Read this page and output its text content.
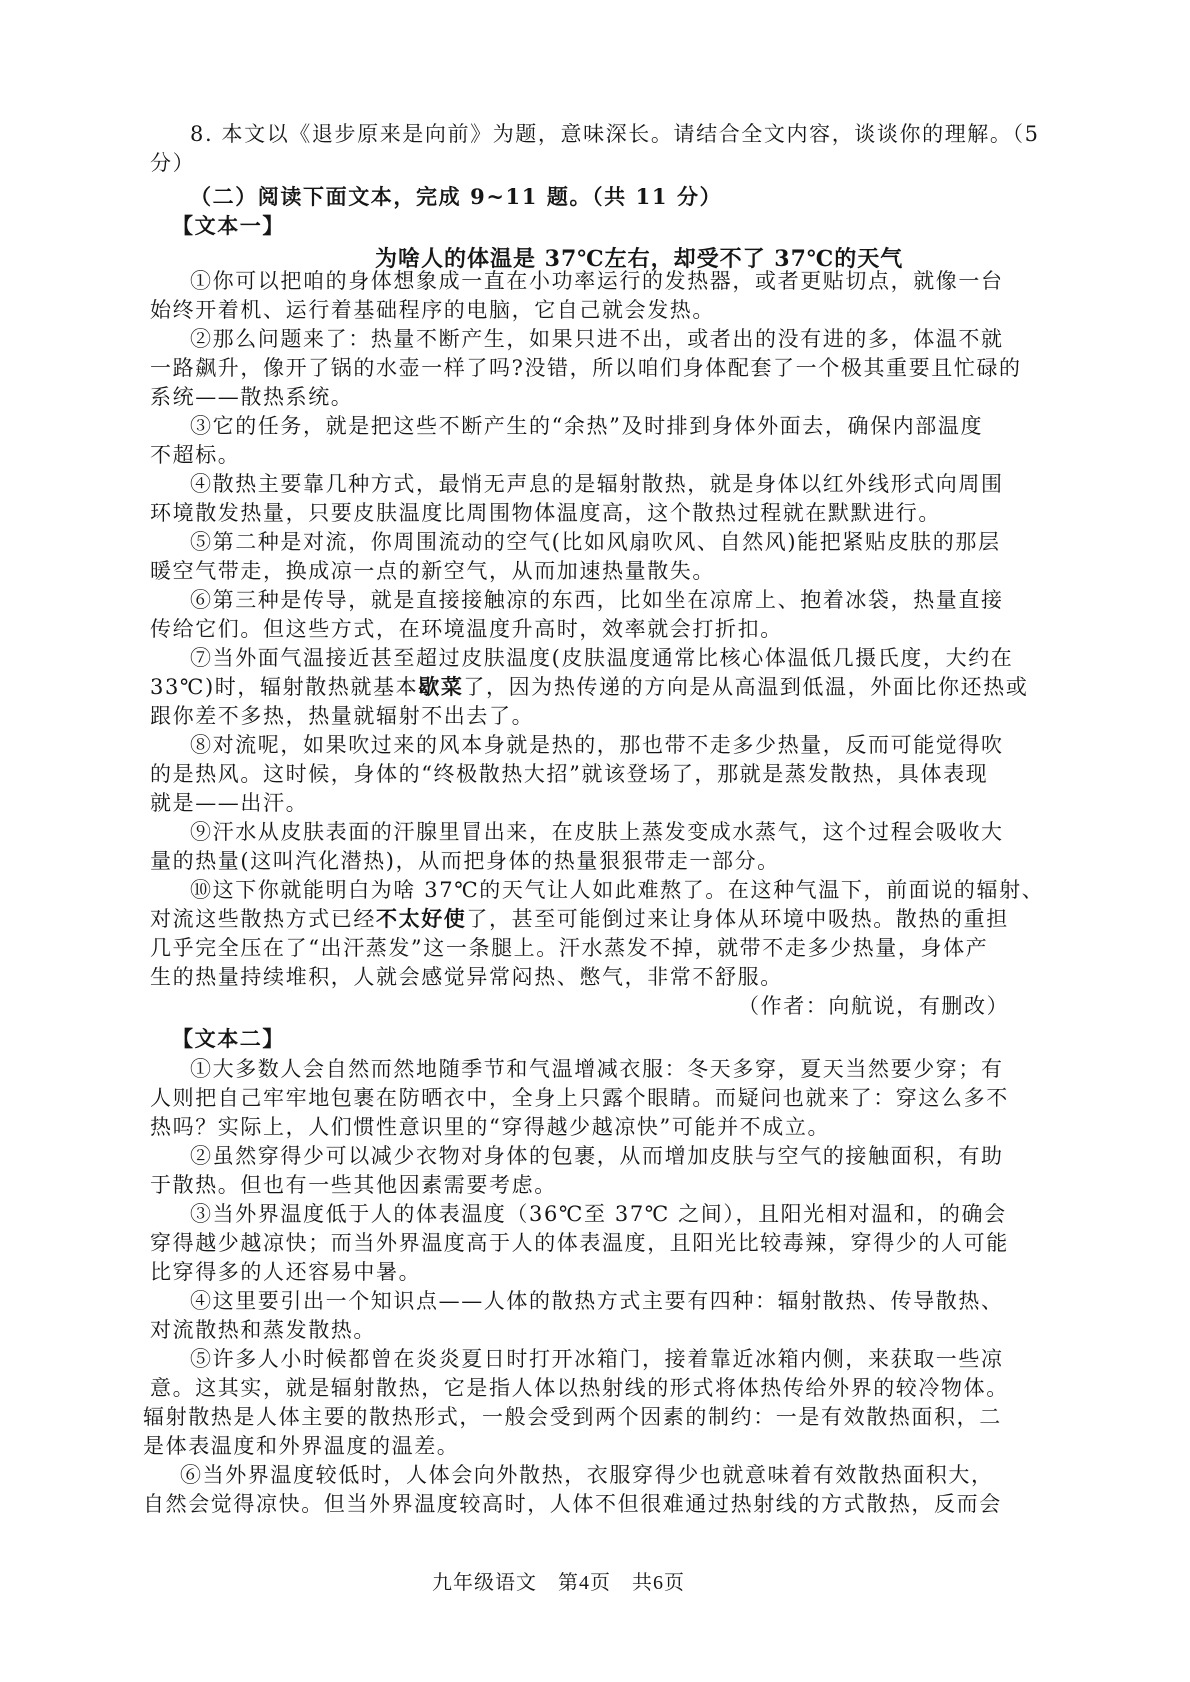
8. 本文以《退步原来是向前》为题，意味深长。请结合全文内容，谈谈你的理解。（5
分）
（二）阅读下面文本，完成 9~11 题。（共 11 分）
【文本一】
为啥人的体温是 37℃左右，却受不了 37℃的天气
①你可以把咱的身体想象成一直在小功率运行的发热器，或者更贴切点，就像一台
始终开着机、运行着基础程序的电脑，它自己就会发热。
②那么问题来了：热量不断产生，如果只进不出，或者出的没有进的多，体温不就
一路飙升，像开了锅的水壶一样了吗?没错，所以咱们身体配套了一个极其重要且忙碌的
系统——散热系统。
③它的任务，就是把这些不断产生的“余热”及时排到身体外面去，确保内部温度
不超标。
④散热主要靠几种方式，最悄无声息的是辐射散热，就是身体以红外线形式向周围
环境散发热量，只要皮肤温度比周围物体温度高，这个散热过程就在默默进行。
⑤第二种是对流，你周围流动的空气(比如风扇吹风、自然风)能把紧贴皮肤的那层
暖空气带走，换成凉一点的新空气，从而加速热量散失。
⑥第三种是传导，就是直接接触凉的东西，比如坐在凉席上、抱着冰袋，热量直接
传给它们。但这些方式，在环境温度升高时，效率就会打折扣。
⑦当外面气温接近甚至超过皮肤温度(皮肤温度通常比核心体温低几摄氏度，大约在
33℃)时，辐射散热就基本歇菜了，因为热传递的方向是从高温到低温，外面比你还热或
跟你差不多热，热量就辐射不出去了。
⑧对流呢，如果吹过来的风本身就是热的，那也带不走多少热量，反而可能觉得吹
的是热风。这时候，身体的“终极散热大招”就该登场了，那就是蒸发散热，具体表现
就是——出汗。
⑨汗水从皮肤表面的汗腺里冒出来，在皮肤上蒸发变成水蒸气，这个过程会吸收大
量的热量(这叫汽化潜热)，从而把身体的热量狠狠带走一部分。
⑩这下你就能明白为啥 37℃的天气让人如此难熬了。在这种气温下，前面说的辐射、
对流这些散热方式已经不太好使了，甚至可能倒过来让身体从环境中吸热。散热的重担
几乎完全压在了“出汗蒸发”这一条腿上。汗水蒸发不掉，就带不走多少热量，身体产
生的热量持续堆积，人就会感觉异常闷热、憋气，非常不舒服。
（作者：向航说，有删改）
【文本二】
①大多数人会自然而然地随季节和气温增减衣服：冬天多穿，夏天当然要少穿；有
人则把自己牢牢地包裹在防晒衣中，全身上只露个眼睛。而疑问也就来了：穿这么多不
热吗？实际上，人们惯性意识里的“穿得越少越凉快”可能并不成立。
②虽然穿得少可以减少衣物对身体的包裹，从而增加皮肤与空气的接触面积，有助
于散热。但也有一些其他因素需要考虑。
③当外界温度低于人的体表温度（36℃至 37℃ 之间），且阳光相对温和，的确会
穿得越少越凉快；而当外界温度高于人的体表温度，且阳光比较毒辣，穿得少的人可能
比穿得多的人还容易中暑。
④这里要引出一个知识点——人体的散热方式主要有四种：辐射散热、传导散热、
对流散热和蒸发散热。
⑤许多人小时候都曾在炎炎夏日时打开冰箱门，接着靠近冰箱内侧，来获取一些凉
意。这其实，就是辐射散热，它是指人体以热射线的形式将体热传给外界的较冷物体。
辐射散热是人体主要的散热形式，一般会受到两个因素的制约：一是有效散热面积，二
是体表温度和外界温度的温差。
⑥当外界温度较低时，人体会向外散热，衣服穿得少也就意味着有效散热面积大，
自然会觉得凉快。但当外界温度较高时，人体不但很难通过热射线的方式散热，反而会
九年级语文　第4页　共6页
